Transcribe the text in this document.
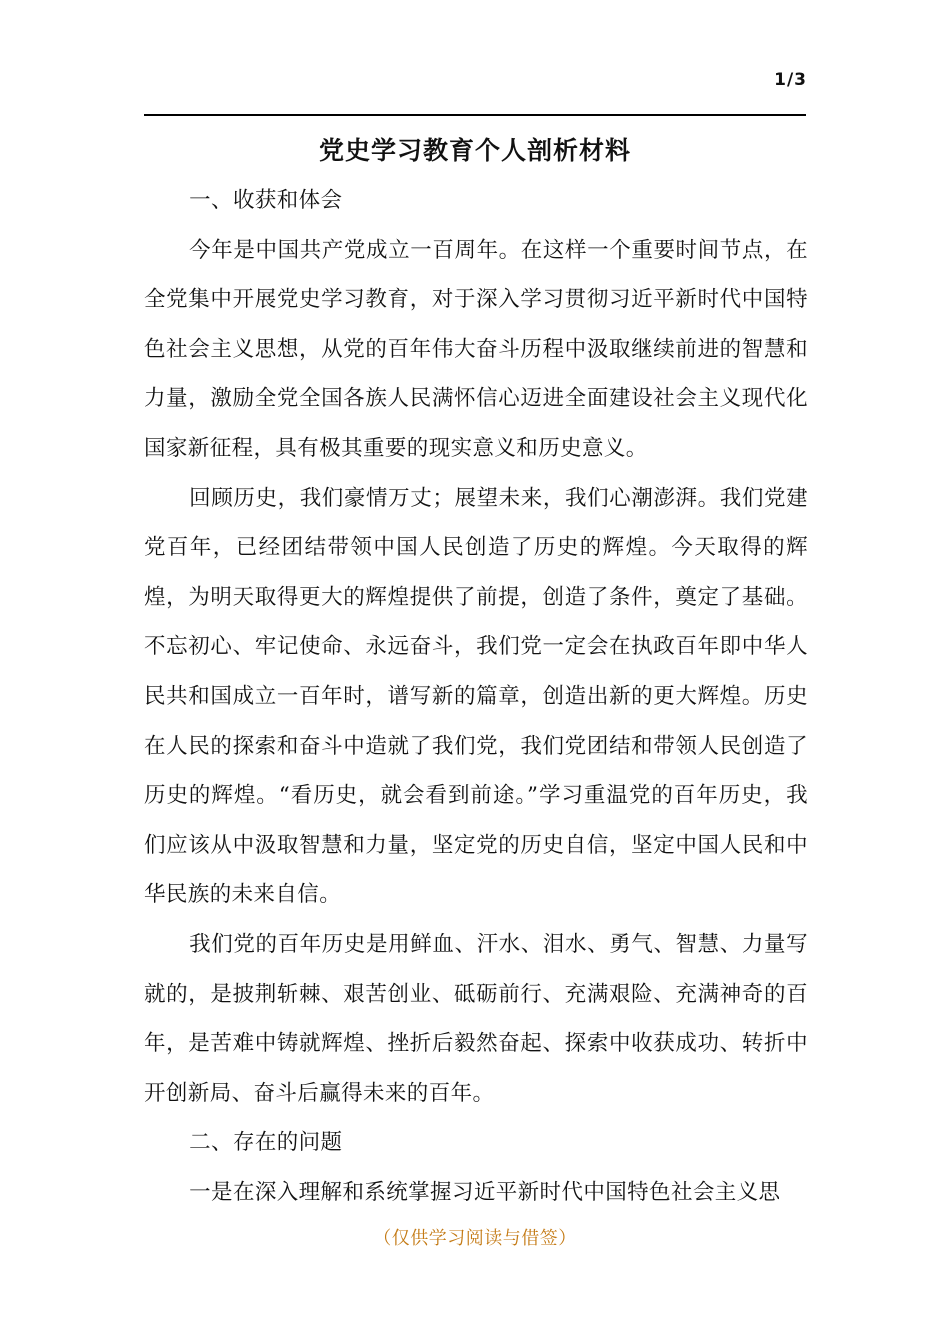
1/3
党史学习教育个人剖析材料

一、收获和体会

今年是中国共产党成立一百周年。在这样一个重要时间节点，在全党集中开展党史学习教育，对于深入学习贯彻习近平新时代中国特色社会主义思想，从党的百年伟大奋斗历程中汲取继续前进的智慧和力量，激励全党全国各族人民满怀信心迈进全面建设社会主义现代化国家新征程，具有极其重要的现实意义和历史意义。

回顾历史，我们豪情万丈；展望未来，我们心潮澎湃。我们党建党百年，已经团结带领中国人民创造了历史的辉煌。今天取得的辉煌，为明天取得更大的辉煌提供了前提，创造了条件，奠定了基础。不忘初心、牢记使命、永远奋斗，我们党一定会在执政百年即中华人民共和国成立一百年时，谱写新的篇章，创造出新的更大辉煌。历史在人民的探索和奋斗中造就了我们党，我们党团结和带领人民创造了历史的辉煌。“看历史，就会看到前途。”学习重温党的百年历史，我们应该从中汲取智慧和力量，坚定党的历史自信，坚定中国人民和中华民族的未来自信。

我们党的百年历史是用鲜血、汗水、泪水、勇气、智慧、力量写就的，是披荆斩棘、艰苦创业、砥砺前行、充满艰险、充满神奇的百年，是苦难中铸就辉煌、挫折后毅然奋起、探索中收获成功、转折中开创新局、奋斗后赢得未来的百年。

二、存在的问题

一是在深入理解和系统掌握习近平新时代中国特色社会主义思

（仅供学习阅读与借签）
